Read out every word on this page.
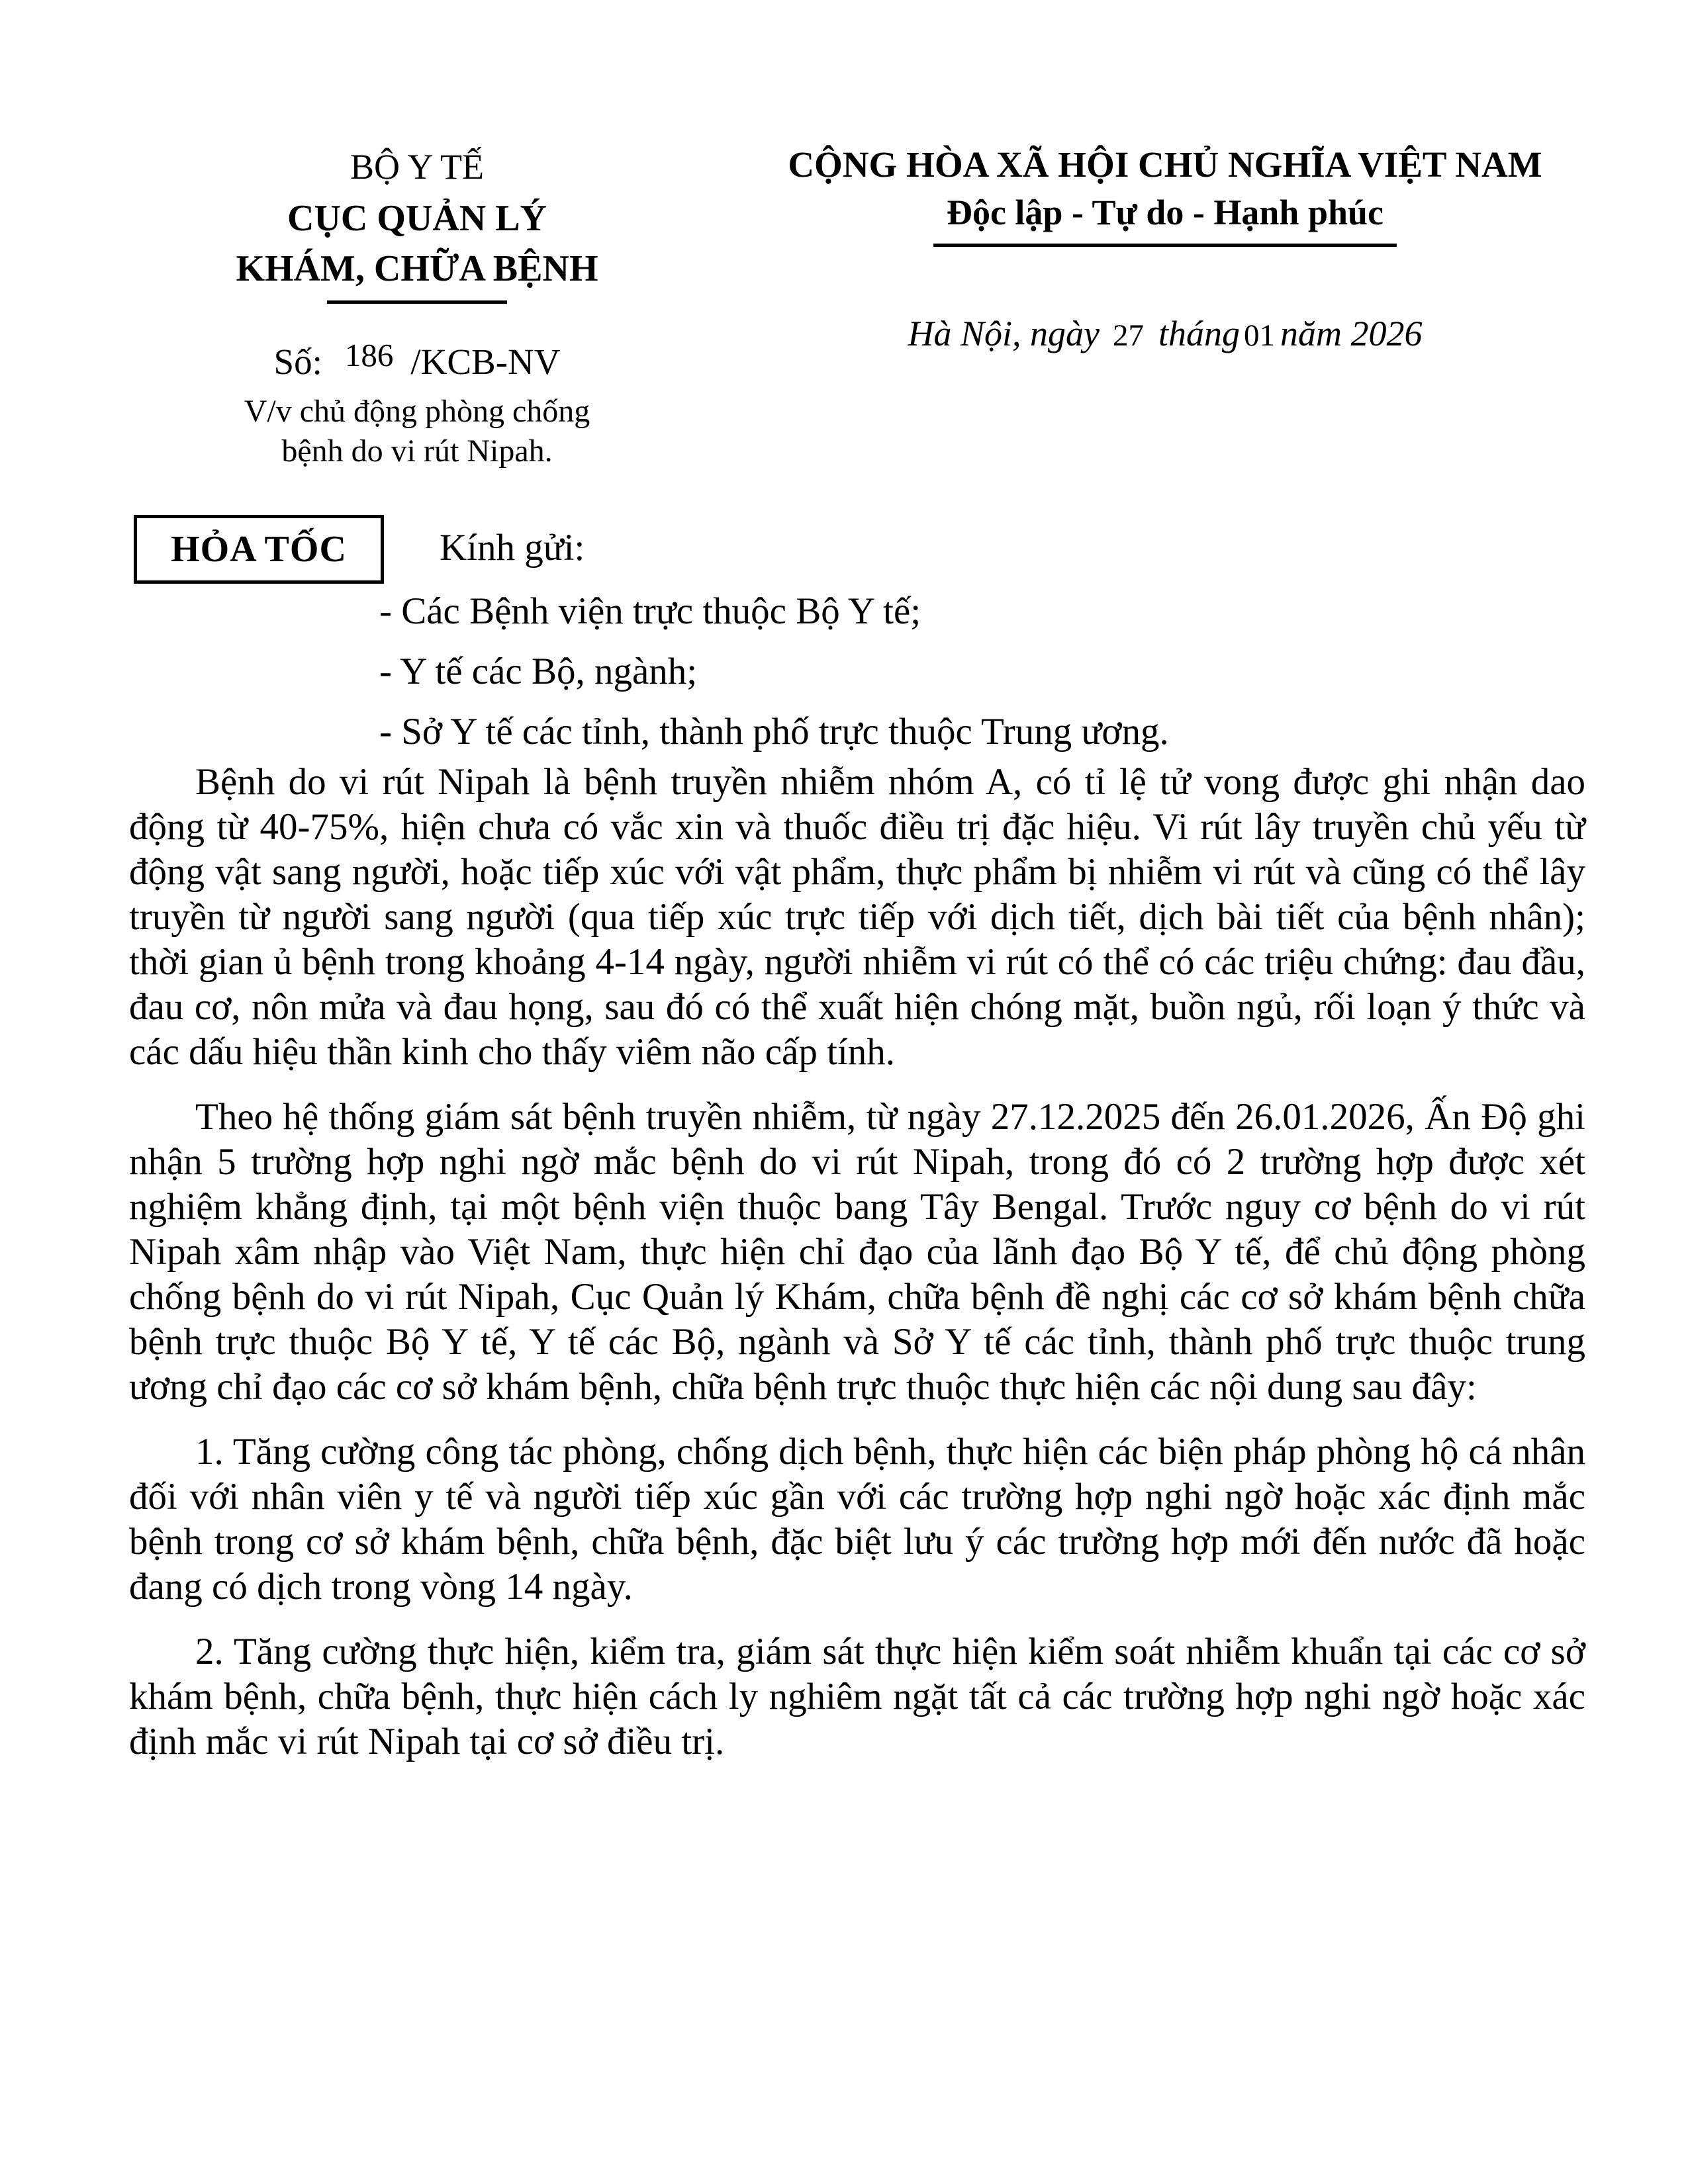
BỘ Y TẾ
CỤC QUẢN LÝ
KHÁM, CHỮA BỆNH
Số: 186 /KCB-NV
V/v chủ động phòng chống
bệnh do vi rút Nipah.
CỘNG HÒA XÃ HỘI CHỦ NGHĨA VIỆT NAM
Độc lập - Tự do - Hạnh phúc
Hà Nội, ngày 27 tháng 01 năm 2026
HỎA TỐC	Kính gửi:
- Các Bệnh viện trực thuộc Bộ Y tế;
- Y tế các Bộ, ngành;
- Sở Y tế các tỉnh, thành phố trực thuộc Trung ương.

Bệnh do vi rút Nipah là bệnh truyền nhiễm nhóm A, có tỉ lệ tử vong được ghi nhận dao động từ 40-75%, hiện chưa có vắc xin và thuốc điều trị đặc hiệu. Vi rút lây truyền chủ yếu từ động vật sang người, hoặc tiếp xúc với vật phẩm, thực phẩm bị nhiễm vi rút và cũng có thể lây truyền từ người sang người (qua tiếp xúc trực tiếp với dịch tiết, dịch bài tiết của bệnh nhân); thời gian ủ bệnh trong khoảng 4-14 ngày, người nhiễm vi rút có thể có các triệu chứng: đau đầu, đau cơ, nôn mửa và đau họng, sau đó có thể xuất hiện chóng mặt, buồn ngủ, rối loạn ý thức và các dấu hiệu thần kinh cho thấy viêm não cấp tính.

Theo hệ thống giám sát bệnh truyền nhiễm, từ ngày 27.12.2025 đến 26.01.2026, Ấn Độ ghi nhận 5 trường hợp nghi ngờ mắc bệnh do vi rút Nipah, trong đó có 2 trường hợp được xét nghiệm khẳng định, tại một bệnh viện thuộc bang Tây Bengal. Trước nguy cơ bệnh do vi rút Nipah xâm nhập vào Việt Nam, thực hiện chỉ đạo của lãnh đạo Bộ Y tế, để chủ động phòng chống bệnh do vi rút Nipah, Cục Quản lý Khám, chữa bệnh đề nghị các cơ sở khám bệnh chữa bệnh trực thuộc Bộ Y tế, Y tế các Bộ, ngành và Sở Y tế các tỉnh, thành phố trực thuộc trung ương chỉ đạo các cơ sở khám bệnh, chữa bệnh trực thuộc thực hiện các nội dung sau đây:

1. Tăng cường công tác phòng, chống dịch bệnh, thực hiện các biện pháp phòng hộ cá nhân đối với nhân viên y tế và người tiếp xúc gần với các trường hợp nghi ngờ hoặc xác định mắc bệnh trong cơ sở khám bệnh, chữa bệnh, đặc biệt lưu ý các trường hợp mới đến nước đã hoặc đang có dịch trong vòng 14 ngày.

2. Tăng cường thực hiện, kiểm tra, giám sát thực hiện kiểm soát nhiễm khuẩn tại các cơ sở khám bệnh, chữa bệnh, thực hiện cách ly nghiêm ngặt tất cả các trường hợp nghi ngờ hoặc xác định mắc vi rút Nipah tại cơ sở điều trị.
